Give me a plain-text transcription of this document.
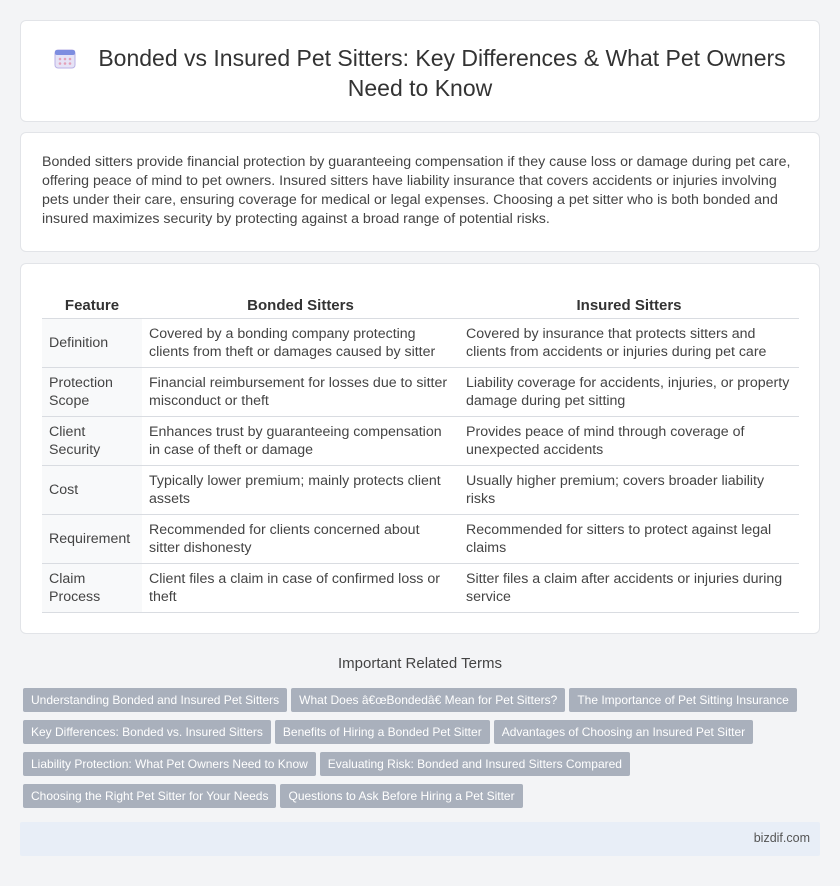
Bonded vs Insured Pet Sitters: Key Differences & What Pet Owners
Need to Know

Bonded sitters provide financial protection by guaranteeing compensation if they cause loss or damage during pet care, offering peace of mind to pet owners. Insured sitters have liability insurance that covers accidents or injuries involving pets under their care, ensuring coverage for medical or legal expenses. Choosing a pet sitter who is both bonded and insured maximizes security by protecting against a broad range of potential risks.

Feature	Bonded Sitters	Insured Sitters
Definition	Covered by a bonding company protecting clients from theft or damages caused by sitter	Covered by insurance that protects sitters and clients from accidents or injuries during pet care
Protection Scope	Financial reimbursement for losses due to sitter misconduct or theft	Liability coverage for accidents, injuries, or property damage during pet sitting
Client Security	Enhances trust by guaranteeing compensation in case of theft or damage	Provides peace of mind through coverage of unexpected accidents
Cost	Typically lower premium; mainly protects client assets	Usually higher premium; covers broader liability risks
Requirement	Recommended for clients concerned about sitter dishonesty	Recommended for sitters to protect against legal claims
Claim Process	Client files a claim in case of confirmed loss or theft	Sitter files a claim after accidents or injuries during service
Important Related Terms
Understanding Bonded and Insured Pet Sitters What Does â€œBondedâ€ Mean for Pet Sitters? The Importance of Pet Sitting Insurance
Key Differences: Bonded vs. Insured Sitters Benefits of Hiring a Bonded Pet Sitter Advantages of Choosing an Insured Pet Sitter
Liability Protection: What Pet Owners Need to Know Evaluating Risk: Bonded and Insured Sitters Compared
Choosing the Right Pet Sitter for Your Needs Questions to Ask Before Hiring a Pet Sitter
bizdif.com
